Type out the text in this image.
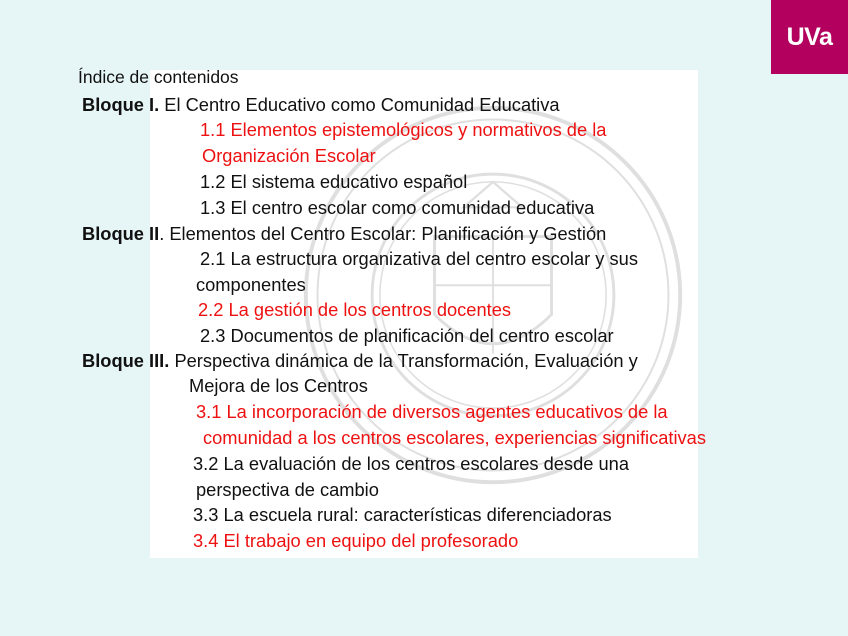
UVa
Índice de contenidos
Bloque I. El Centro Educativo como Comunidad Educativa
1.1 Elementos epistemológicos y normativos de la
Organización Escolar
1.2 El sistema educativo español
1.3 El centro escolar como comunidad educativa
Bloque II. Elementos del Centro Escolar: Planificación y Gestión
2.1 La estructura organizativa del centro escolar y sus
componentes
2.2 La gestión de los centros docentes
2.3 Documentos de planificación del centro escolar
Bloque III. Perspectiva dinámica de la Transformación, Evaluación y
Mejora de los Centros
3.1 La incorporación de diversos agentes educativos de la
comunidad a los centros escolares, experiencias significativas
3.2 La evaluación de los centros escolares desde una
perspectiva de cambio
3.3 La escuela rural: características diferenciadoras
3.4 El trabajo en equipo del profesorado
